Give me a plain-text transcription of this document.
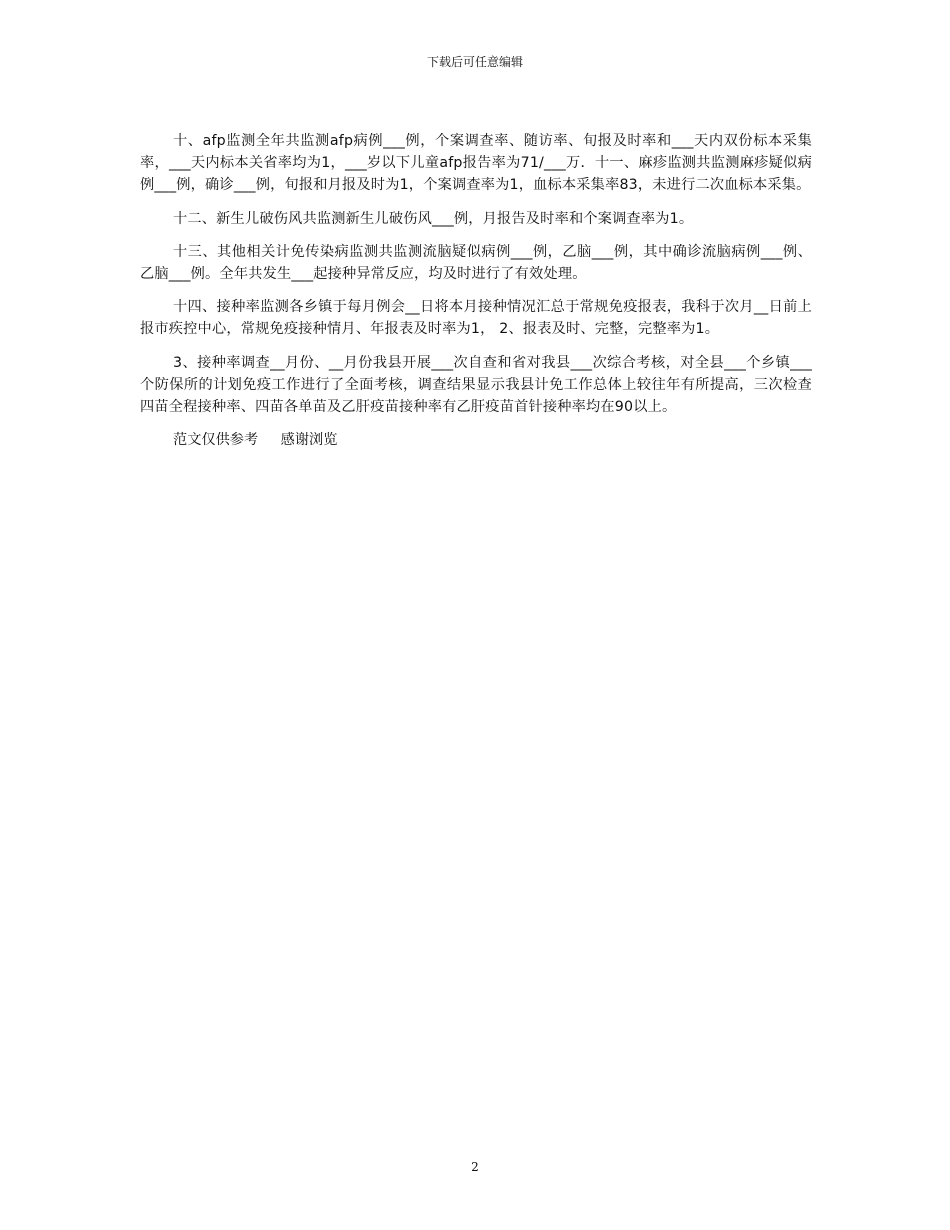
下载后可任意编辑

十、afp监测全年共监测afp病例___例，个案调查率、随访率、旬报及时率和___天内双份标本采集率，___天内标本关省率均为1，___岁以下儿童afp报告率为71/___万．十一、麻疹监测共监测麻疹疑似病例___例，确诊___例，旬报和月报及时为1，个案调查率为1，血标本采集率83，未进行二次血标本采集。

十二、新生儿破伤风共监测新生儿破伤风___例，月报告及时率和个案调查率为1。

十三、其他相关计免传染病监测共监测流脑疑似病例___例，乙脑___例，其中确诊流脑病例___例、乙脑___例。全年共发生___起接种异常反应，均及时进行了有效处理。

十四、接种率监测各乡镇于每月例会__日将本月接种情况汇总于常规免疫报表，我科于次月__日前上报市疾控中心，常规免疫接种情月、年报表及时率为1， 2、报表及时、完整，完整率为1。

3、接种率调查__月份、__月份我县开展___次自查和省对我县___次综合考核，对全县___个乡镇___个防保所的计划免疫工作进行了全面考核，调查结果显示我县计免工作总体上较往年有所提高，三次检查四苗全程接种率、四苗各单苗及乙肝疫苗接种率有乙肝疫苗首针接种率均在90以上。

范文仅供参考     感谢浏览

2
